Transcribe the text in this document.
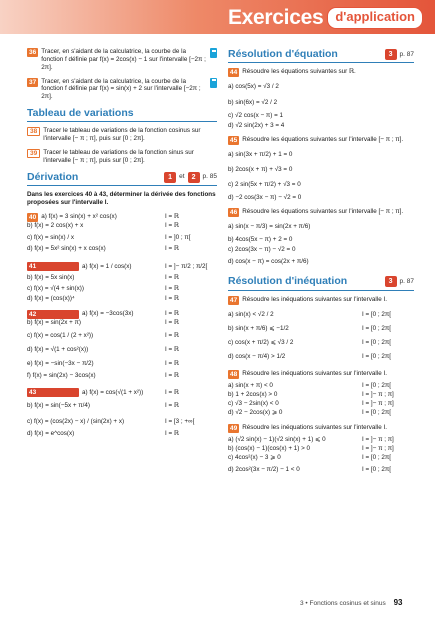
Exercices d'application
36 Tracer, en s'aidant de la calculatrice, la courbe de la fonction f définie par f(x) = 2cos(x) − 1 sur l'intervalle [−2π ; 2π].
37 Tracer, en s'aidant de la calculatrice, la courbe de la fonction f définie par f(x) = sin(x) + 2 sur l'intervalle [−2π ; 2π].
Tableau de variations
38 Tracer le tableau de variations de la fonction cosinus sur l'intervalle [− π ; π], puis sur [0 ; 2π].
39 Tracer le tableau de variations de la fonction sinus sur l'intervalle [− π ; π], puis sur [0 ; 2π].
Dérivation	1	et	2	p. 85
Dans les exercices 40 à 43, déterminer la dérivée des fonctions proposées sur l'intervalle I.
40 a) f(x) = 3 sin(x) + x² cos(x)	I = ℝ
b) f(x) = 2 cos(x) + x	I = ℝ
c) f(x) = sin(x) / x	I = ]0 ; π[
d) f(x) = 5x² sin(x) + x cos(x)	I = ℝ
41	a) f(x) = 1 / cos(x)	I = ]− π/2 ; π/2[
b) f(x) = 5x sin(x)	I = ℝ
c) f(x) = √(4 + sin(x))	I = ℝ
d) f(x) = (cos(x))⁴	I = ℝ
42	a) f(x) = −3cos(3x)	I = ℝ
b) f(x) = sin(2x + π)	I = ℝ
c) f(x) = cos(1 / (2 + x²))	I = ℝ
d) f(x) = √(1 + cos²(x))	I = ℝ
e) f(x) = −sin(−3x − π/2)	I = ℝ
f) f(x) = sin(2x) − 3cos(x)	I = ℝ
43	a) f(x) = cos(√(1 + x²))	I = ℝ
b) f(x) = sin(−5x + π/4)	I = ℝ
c) f(x) = (cos(2x) − x) / (sin(2x) + x)	I = [3 ; +∞[
d) f(x) = e^cos(x)	I = ℝ
Résolution d'équation	3	p. 87
44 Résoudre les équations suivantes sur ℝ.
a) cos(5x) = √3 / 2
b) sin(6x) = √2 / 2
c) √2 cos(x − π) = 1
d) √2 sin(2x) + 3 = 4
45 Résoudre les équations suivantes sur l'intervalle [− π ; π].
a) sin(3x + π/2) + 1 = 0
b) 2cos(x + π) + √3 = 0
c) 2 sin(5x + π/2) + √3 = 0
d) −2 cos(3x − π) − √2 = 0
46 Résoudre les équations suivantes sur l'intervalle [− π ; π].
a) sin(x − π/3) = sin(2x + π/6)
b) 4cos(5x − π) + 2 = 0
c) 2cos(3x − π) − √2 = 0
d) cos(x − π) = cos(2x + π/6)
Résolution d'inéquation	3	p. 87
47 Résoudre les inéquations suivantes sur l'intervalle I.
a) sin(x) < √2 / 2	I = [0 ; 2π[
b) sin(x + π/6) ⩽ −1/2	I = [0 ; 2π[
c) cos(x + π/2) ⩽ √3 / 2	I = [0 ; 2π[
d) cos(x − π/4) > 1/2	I = [0 ; 2π[
48 Résoudre les inéquations suivantes sur l'intervalle I.
a) sin(x + π) < 0	I = [0 ; 2π[
b) 1 + 2cos(x) > 0	I = ]− π ; π]
c) √3 − 2sin(x) < 0	I = ]− π ; π]
d) √2 − 2cos(x) ⩾ 0	I = [0 ; 2π[
49 Résoudre les inéquations suivantes sur l'intervalle I.
a) (√2 sin(x) − 1)(√2 sin(x) + 1) ⩽ 0	I = ]− π ; π]
b) (cos(x) − 1)(cos(x) + 1) > 0	I = ]− π ; π]
c) 4cos²(x) − 3 ⩾ 0	I = [0 ; 2π[
d) 2cos²(3x − π/2) − 1 < 0	I = [0 ; 2π[
3 • Fonctions cosinus et sinus 93
